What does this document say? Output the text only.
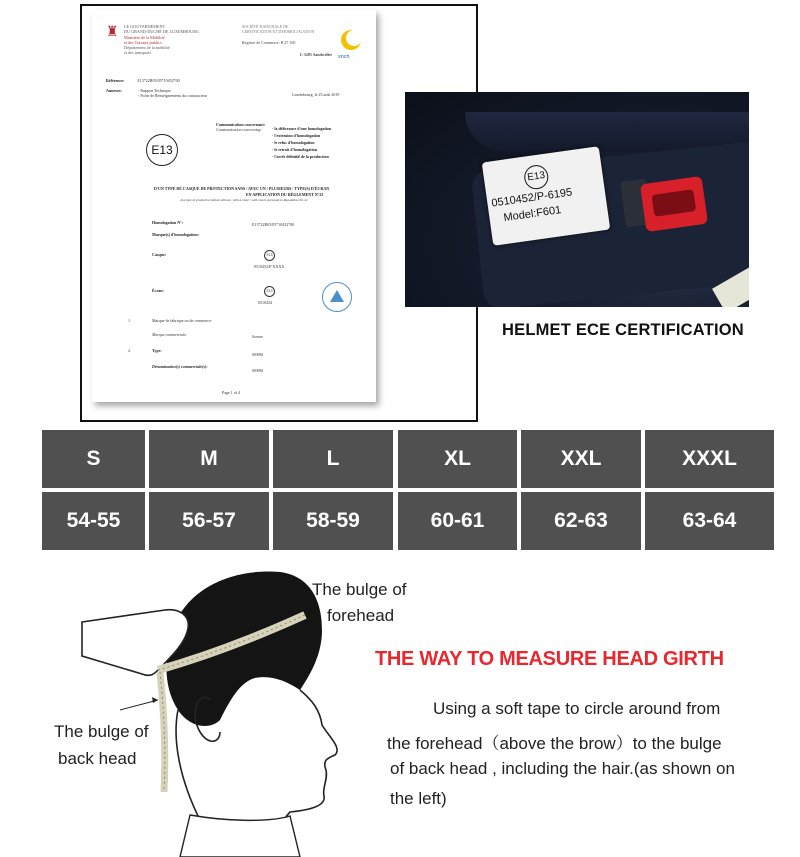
♜	LE GOUVERNEMENT
DU GRAND-DUCHÉ DE LUXEMBOURG
Ministère de la Mobilité
et des Travaux publics
Département de la mobilité
et des transports
SOCIÉTÉ NATIONALE DE
CERTIFICATION ET D'HOMOLOGATION
Registre de Commerce: B 27 160
L-5201 Sandweiler snch
Référence:	E13*22R05/05*10452*00
Annexes:	- Rapport Technique
- Fiche de Renseignements du constructeur	Luxembourg, le 23 août 2019
Communication concernant:
Communication concerning:	- la délivrance d'une homologation
- l'extension d'homologation
- le refus d'homologation
- le retrait d'homologation
- l'arrêt définitif de la production
E13
D'UN TYPE DE CASQUE DE PROTECTION SANS / AVEC UN / PLUSIEURS / TYPE(S) D'ÉCRAN
EN APPLICATION DU RÈGLEMENT N°22
of a type of protective helmet without / with a visor / with visors pursuant to Regulation No 22
Homologation N°:	E13*22R05/05*10452*00
Marque(s) d'homologation:
Casque:	E13
0510452/P-XXXX
Écran:	E13
0510434
1.	Marque de fabrique ou de commerce:
Marque commerciale:	Soman
2.	Type:
SM961
Dénomination(s) commerciale(s):
SM961
Page 1 of 4
E13
0510452/P-6195
Model:F601
HELMET ECE CERTIFICATION
S	M	L	XL	XXL	XXXL
54-55	56-57	58-59	60-61	62-63	63-64
The bulge of
forehead
The bulge of
back head
THE WAY TO MEASURE HEAD GIRTH
Using a soft tape to circle around from
the forehead（above the brow）to the bulge
of back head , including the hair.(as shown on
the left)
